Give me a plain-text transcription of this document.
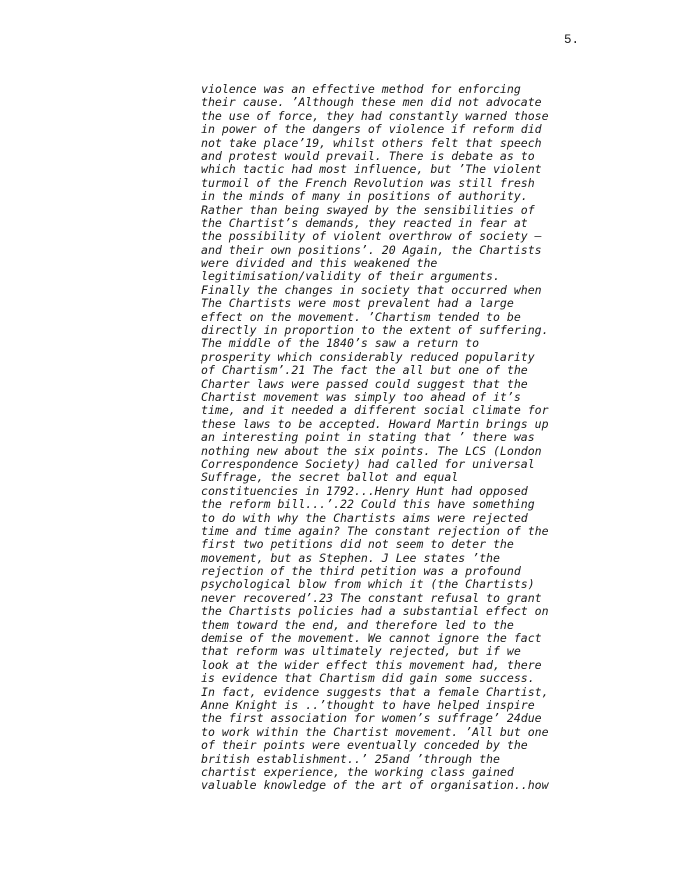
5.
violence was an effective method for enforcing
their cause. ’Although these men did not advocate
the use of force, they had constantly warned those
in power of the dangers of violence if reform did
not take place’19, whilst others felt that speech
and protest would prevail. There is debate as to
which tactic had most influence, but ’The violent
turmoil of the French Revolution was still fresh
in the minds of many in positions of authority.
Rather than being swayed by the sensibilities of
the Chartist’s demands, they reacted in fear at
the possibility of violent overthrow of society –
and their own positions’. 20 Again, the Chartists
were divided and this weakened the
legitimisation/validity of their arguments.
Finally the changes in society that occurred when
The Chartists were most prevalent had a large
effect on the movement. ’Chartism tended to be
directly in proportion to the extent of suffering.
The middle of the 1840’s saw a return to
prosperity which considerably reduced popularity
of Chartism’.21 The fact the all but one of the
Charter laws were passed could suggest that the
Chartist movement was simply too ahead of it’s
time, and it needed a different social climate for
these laws to be accepted. Howard Martin brings up
an interesting point in stating that ’ there was
nothing new about the six points. The LCS (London
Correspondence Society) had called for universal
Suffrage, the secret ballot and equal
constituencies in 1792...Henry Hunt had opposed
the reform bill...’.22 Could this have something
to do with why the Chartists aims were rejected
time and time again? The constant rejection of the
first two petitions did not seem to deter the
movement, but as Stephen. J Lee states ’the
rejection of the third petition was a profound
psychological blow from which it (the Chartists)
never recovered’.23 The constant refusal to grant
the Chartists policies had a substantial effect on
them toward the end, and therefore led to the
demise of the movement. We cannot ignore the fact
that reform was ultimately rejected, but if we
look at the wider effect this movement had, there
is evidence that Chartism did gain some success.
In fact, evidence suggests that a female Chartist,
Anne Knight is ..’thought to have helped inspire
the first association for women’s suffrage’ 24due
to work within the Chartist movement. ’All but one
of their points were eventually conceded by the
british establishment..’ 25and ’through the
chartist experience, the working class gained
valuable knowledge of the art of organisation..how
